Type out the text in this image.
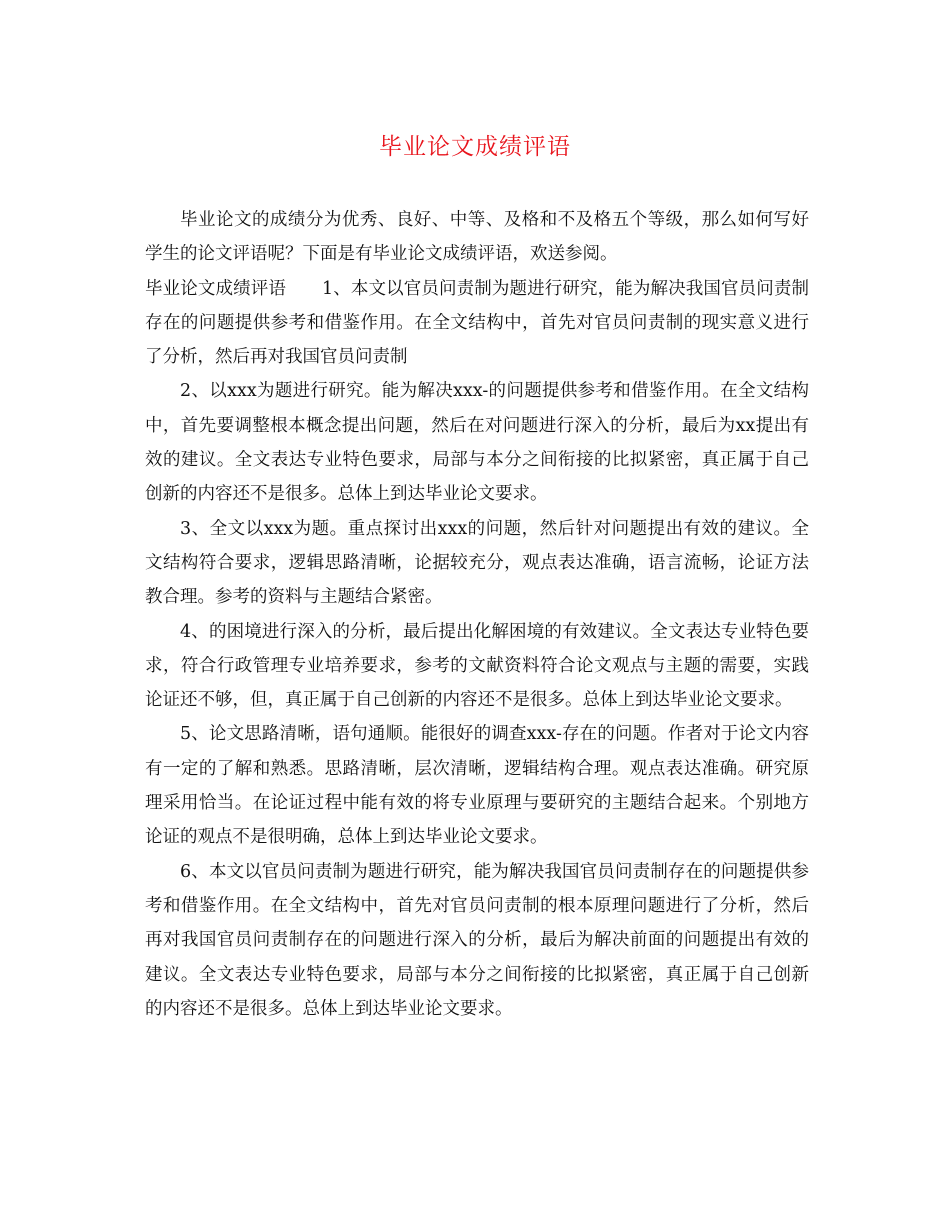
毕业论文成绩评语

毕业论文的成绩分为优秀、良好、中等、及格和不及格五个等级，那么如何写好学生的论文评语呢？下面是有毕业论文成绩评语，欢送参阅。

毕业论文成绩评语 1、本文以官员问责制为题进行研究，能为解决我国官员问责制存在的问题提供参考和借鉴作用。在全文结构中，首先对官员问责制的现实意义进行了分析，然后再对我国官员问责制

2、以xxx为题进行研究。能为解决xxx-的问题提供参考和借鉴作用。在全文结构中，首先要调整根本概念提出问题，然后在对问题进行深入的分析，最后为xx提出有效的建议。全文表达专业特色要求，局部与本分之间衔接的比拟紧密，真正属于自己创新的内容还不是很多。总体上到达毕业论文要求。

3、全文以xxx为题。重点探讨出xxx的问题，然后针对问题提出有效的建议。全文结构符合要求，逻辑思路清晰，论据较充分，观点表达准确，语言流畅，论证方法教合理。参考的资料与主题结合紧密。

4、的困境进行深入的分析，最后提出化解困境的有效建议。全文表达专业特色要求，符合行政管理专业培养要求，参考的文献资料符合论文观点与主题的需要，实践论证还不够，但，真正属于自己创新的内容还不是很多。总体上到达毕业论文要求。

5、论文思路清晰，语句通顺。能很好的调查xxx-存在的问题。作者对于论文内容有一定的了解和熟悉。思路清晰，层次清晰，逻辑结构合理。观点表达准确。研究原理采用恰当。在论证过程中能有效的将专业原理与要研究的主题结合起来。个别地方论证的观点不是很明确，总体上到达毕业论文要求。

6、本文以官员问责制为题进行研究，能为解决我国官员问责制存在的问题提供参考和借鉴作用。在全文结构中，首先对官员问责制的根本原理问题进行了分析，然后再对我国官员问责制存在的问题进行深入的分析，最后为解决前面的问题提出有效的建议。全文表达专业特色要求，局部与本分之间衔接的比拟紧密，真正属于自己创新的内容还不是很多。总体上到达毕业论文要求。
